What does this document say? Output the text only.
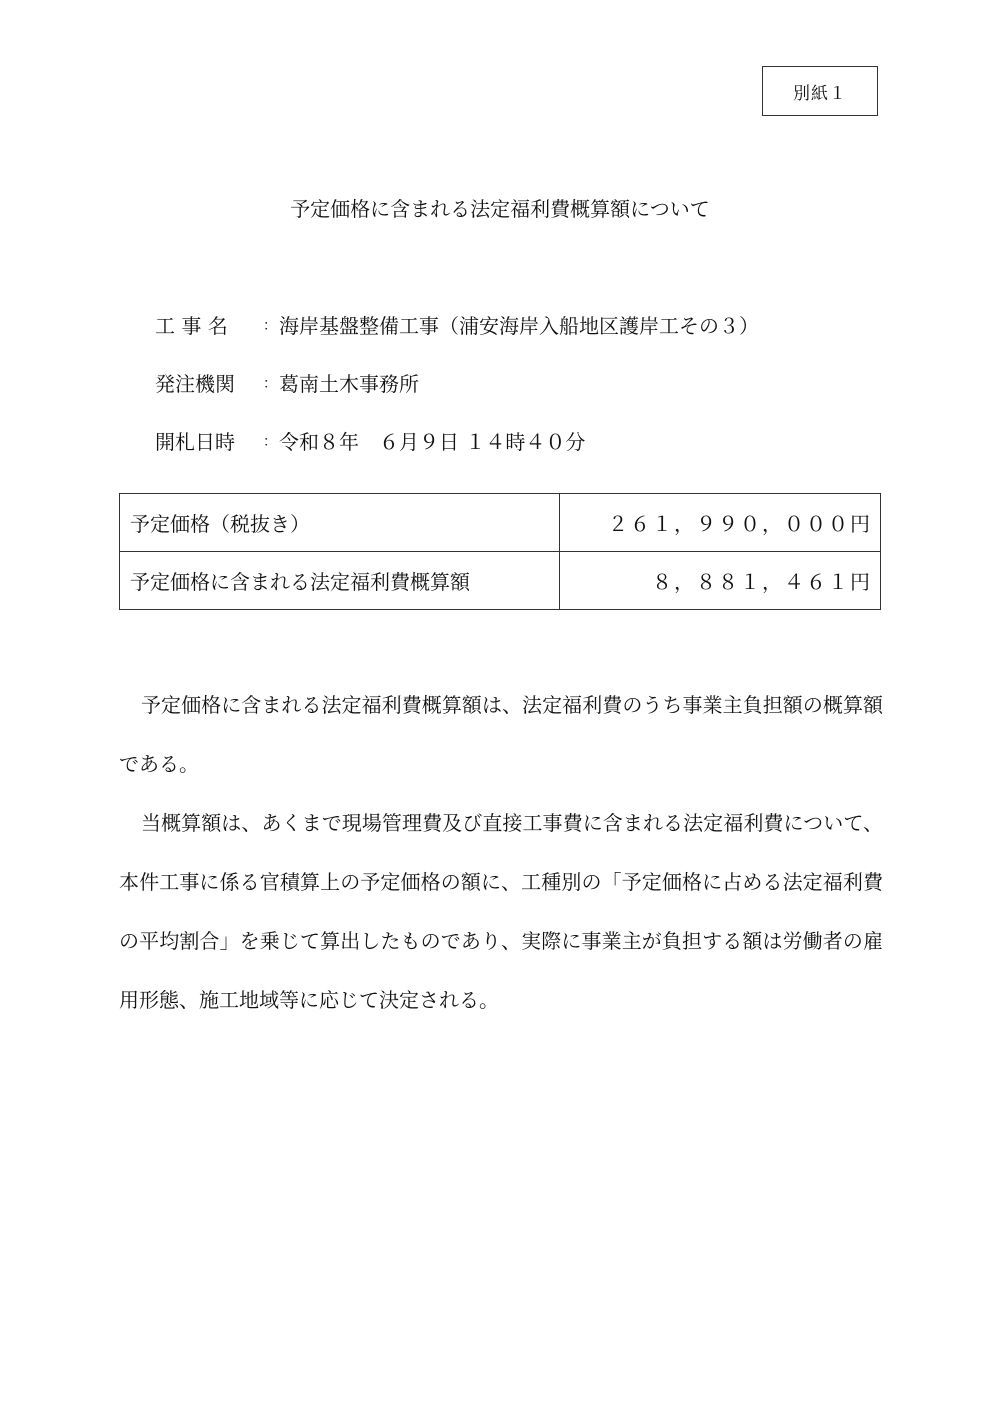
別紙１
予定価格に含まれる法定福利費概算額について
工 事 名	： 海岸基盤整備工事（浦安海岸入船地区護岸工その３）
発注機関	： 葛南土木事務所
開札日時	： 令和８年　６月９日 １４時４０分
予定価格（税抜き）	２６１，９９０，０００円
予定価格に含まれる法定福利費概算額	８，８８１，４６１円

予定価格に含まれる法定福利費概算額は、法定福利費のうち事業主負担額の概算額である。

当概算額は、あくまで現場管理費及び直接工事費に含まれる法定福利費について、本件工事に係る官積算上の予定価格の額に、工種別の「予定価格に占める法定福利費の平均割合」を乗じて算出したものであり、実際に事業主が負担する額は労働者の雇用形態、施工地域等に応じて決定される。
